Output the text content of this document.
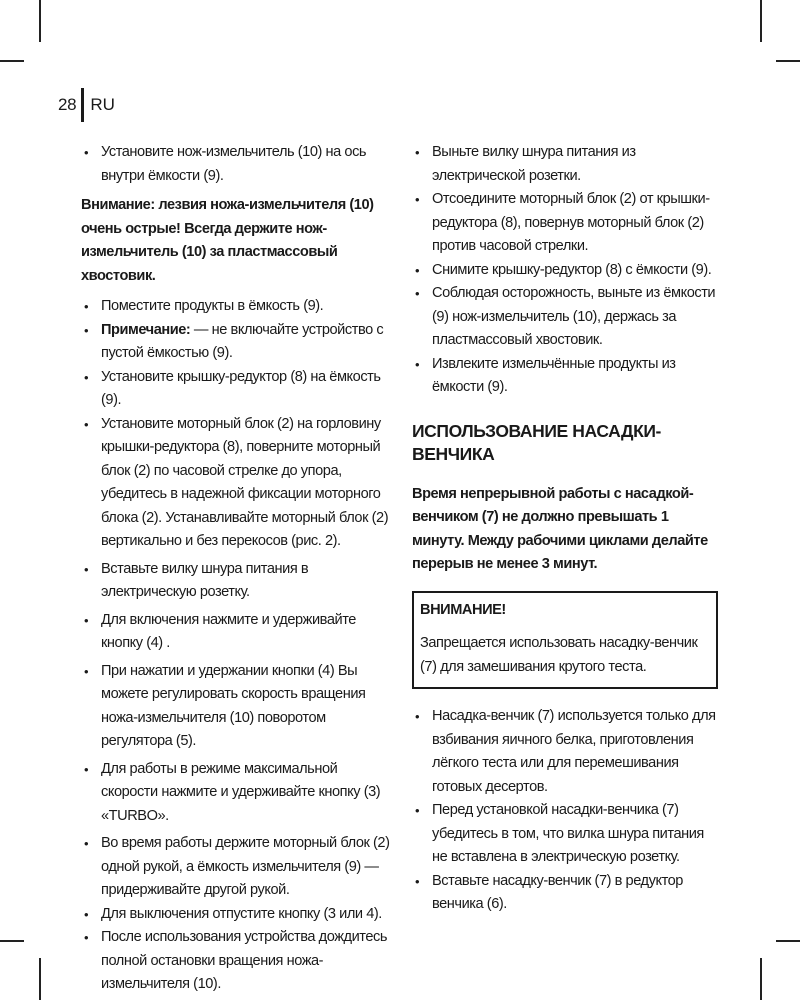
28 RU
• Установите нож-измельчитель (10) на ось внутри ёмкости (9).

Внимание: лезвия ножа-измельчителя (10) очень острые! Всегда держите нож-измельчитель (10) за пластмассовый хвостовик.

• Поместите продукты в ёмкость (9).
• Примечание: — не включайте устройство с пустой ёмкостью (9).
• Установите крышку-редуктор (8) на ёмкость (9).
• Установите моторный блок (2) на горловину крышки-редуктора (8), поверните моторный блок (2) по часовой стрелке до упора, убедитесь в надежной фиксации моторного блока (2). Устанавливайте моторный блок (2) вертикально и без перекосов (рис. 2).
• Вставьте вилку шнура питания в электрическую розетку.
• Для включения нажмите и удерживайте кнопку (4) .
• При нажатии и удержании кнопки (4) Вы можете регулировать скорость вращения ножа-измельчителя (10) поворотом регулятора (5).
• Для работы в режиме максимальной скорости нажмите и удерживайте кнопку (3) «TURBO».
• Во время работы держите моторный блок (2) одной рукой, а ёмкость измельчителя (9) — придерживайте другой рукой.
• Для выключения отпустите кнопку (3 или 4).
• После использования устройства дождитесь полной остановки вращения ножа-измельчителя (10).
• Выньте вилку шнура питания из электрической розетки.
• Отсоедините моторный блок (2) от крышки-редуктора (8), повернув моторный блок (2) против часовой стрелки.
• Снимите крышку-редуктор (8) с ёмкости (9).
• Соблюдая осторожность, выньте из ёмкости (9) нож-измельчитель (10), держась за пластмассовый хвостовик.
• Извлеките измельчённые продукты из ёмкости (9).
ИСПОЛЬЗОВАНИЕ НАСАДКИ-ВЕНЧИКА

Время непрерывной работы с насадкой-венчиком (7) не должно превышать 1 минуту. Между рабочими циклами делайте перерыв не менее 3 минут.

ВНИМАНИЕ!
Запрещается использовать насадку-венчик (7) для замешивания крутого теста.
• Насадка-венчик (7) используется только для взбивания яичного белка, приготовления лёгкого теста или для перемешивания готовых десертов.
• Перед установкой насадки-венчика (7) убедитесь в том, что вилка шнура питания не вставлена в электрическую розетку.
• Вставьте насадку-венчик (7) в редуктор венчика (6).
